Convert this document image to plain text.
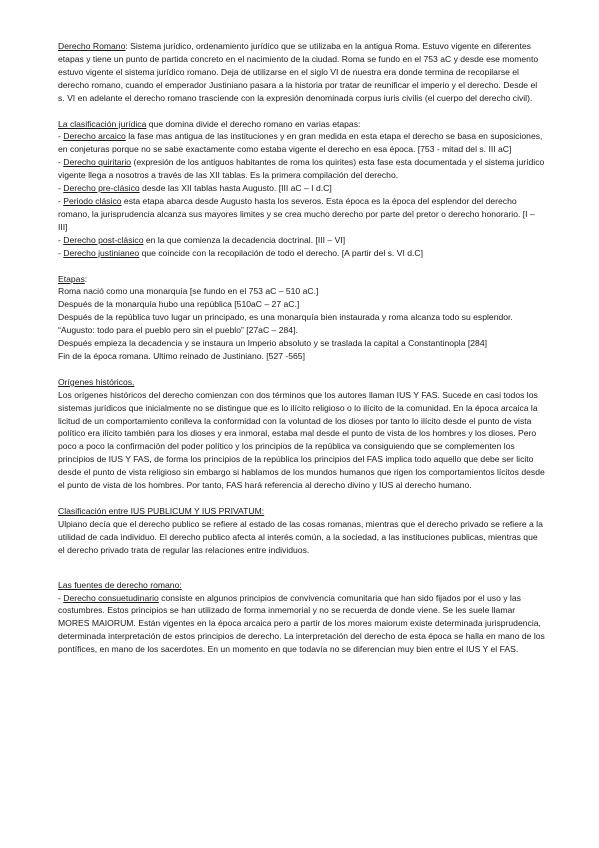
Derecho Romano: Sistema jurídico, ordenamiento jurídico que se utilizaba en la antigua Roma. Estuvo vigente en diferentes etapas y tiene un punto de partida concreto en el nacimiento de la ciudad. Roma se fundo en el 753 aC y desde ese momento estuvo vigente el sistema jurídico romano. Deja de utilizarse en el siglo VI de nuestra era donde termina de recopilarse el derecho romano, cuando el emperador Justiniano pasara a la historia por tratar de reunificar el imperio y el derecho. Desde el s. VI en adelante el derecho romano trasciende con la expresión denominada corpus iuris civilis (el cuerpo del derecho civil).

La clasificación jurídica que domina divide el derecho romano en varias etapas:

- Derecho arcaico la fase mas antigua de las instituciones y en gran medida en esta etapa el derecho se basa en suposiciones, en conjeturas porque no se sabe exactamente como estaba vigente el derecho en esa época. [753 - mitad del s. III aC]

- Derecho quiritario (expresión de los antiguos habitantes de roma los quirites) esta fase esta documentada y el sistema jurídico vigente llega a nosotros a través de las XII tablas. Es la primera compilación del derecho.

- Derecho pre-clásico desde las XII tablas hasta Augusto. [III aC – I d.C]

- Periodo clásico esta etapa abarca desde Augusto hasta los severos. Esta época es la época del esplendor del derecho romano, la jurisprudencia alcanza sus mayores limites y se crea mucho derecho por parte del pretor o derecho honorario. [I – III]

- Derecho post-clásico en la que comienza la decadencia doctrinal. [III – VI]

- Derecho justinianeo que coincide con la recopilación de todo el derecho. [A partir del s. VI d.C]

Etapas:

Roma nació como una monarquía [se fundo en el 753 aC – 510 aC.]

Después de la monarquía hubo una república [510aC – 27 aC.]

Después de la república tuvo lugar un principado, es una monarquía bien instaurada y roma alcanza todo su esplendor. “Augusto: todo para el pueblo pero sin el pueblo” [27aC – 284].

Después empieza la decadencia y se instaura un Imperio absoluto y se traslada la capital a Constantinopla [284]

Fin de la época romana. Ultimo reinado de Justiniano. [527 -565]

Orígenes históricos.

Los orígenes históricos del derecho comienzan con dos términos que los autores llaman IUS Y FAS. Sucede en casi todos los sistemas jurídicos que inicialmente no se distingue que es lo ilícito religioso o lo ilícito de la comunidad. En la época arcaica la licitud de un comportamiento conlleva la conformidad con la voluntad de los dioses por tanto lo ilícito desde el punto de vista político era ilícito también para los dioses y era inmoral, estaba mal desde el punto de vista de los hombres y los dioses. Pero poco a poco la confirmación del poder político y los principios de la república va consiguiendo que se complementen los principios de IUS Y FAS, de forma los principios de la república los principios del FAS implica todo aquello que debe ser licito desde el punto de vista religioso sin embargo si hablamos de los mundos humanos que rigen los comportamientos lícitos desde el punto de vista de los hombres. Por tanto, FAS hará referencia al derecho divino y IUS al derecho humano.

Clasificación entre IUS PUBLICUM Y IUS PRIVATUM:

Ulpiano decía que el derecho publico se refiere al estado de las cosas romanas, mientras que el derecho privado se refiere a la utilidad de cada individuo. El derecho publico afecta al interés común, a la sociedad, a las instituciones publicas, mientras que el derecho privado trata de regular las relaciones entre individuos.

Las fuentes de derecho romano:

- Derecho consuetudinario consiste en algunos principios de convivencia comunitaria que han sido fijados por el uso y las costumbres. Estos principios se han utilizado de forma inmemorial y no se recuerda de donde viene. Se les suele llamar MORES MAIORUM. Están vigentes en la época arcaica pero a partir de los mores maiorum existe determinada jurisprudencia, determinada interpretación de estos principios de derecho. La interpretación del derecho de esta época se halla en mano de los pontífices, en mano de los sacerdotes. En un momento en que todavía no se diferencian muy bien entre el IUS Y el FAS.
